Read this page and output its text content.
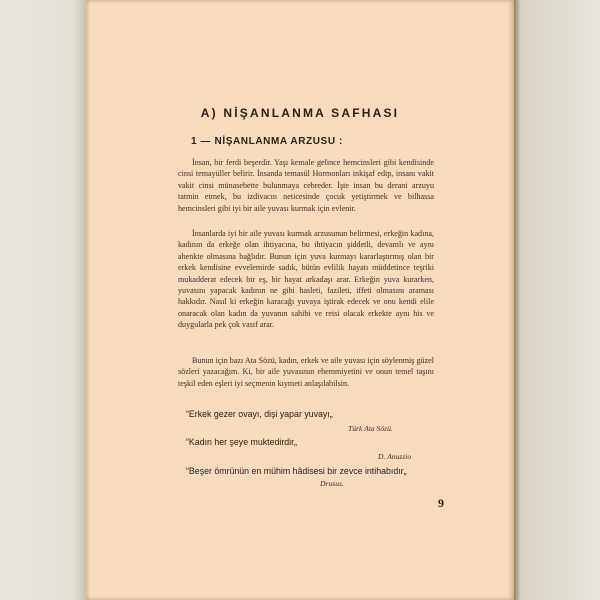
A) NİŞANLANMA SAFHASI
1 — NİŞANLANMA ARZUSU :

İnsan, bir ferdi beşerdir. Yaşı kemale gelince hemcinsleri gibi kendisinde cinsi temayüller belirir. İnsanda temasül Hormonları inkişaf edip, insanı vakit vakit cinsi münasebette bulunmaya cebreder. İşte insan bu derani arzuyu tatmin etmek, bu izdivacın neticesinde çocuk yetiştirmek ve bilhassa hemcinsleri gibi iyi bir aile yuvası kurmak için evlenir.

İnsanlarda iyi bir aile yuvası kurmak arzusunun belirmesi, erkeğin kadına, kadının da erkeğe olan ihtiyacına, bu ihtiyacın şiddetli, devamlı ve aynı ahenkte olmasına bağlıdır. Bunun için yuva kurmayı kararlaştırmış olan bir erkek kendisine evvelemirde sadık, bütün evlilik hayatı müddetince teşriki mukadderat edecek bir eş, bir hayat arkadaşı arar. Erkeğin yuva kurarken, yuvasını yapacak kadının ne gibi hasleti, fazileti, iffeti olmasını araması hakkıdır. Nasıl ki erkeğin karacağı yuvaya iştirak edecek ve onu kendi elile onaracak olan kadın da yuvanın sahibi ve reisi olacak erkekte aynı his ve duygularla pek çok vasıf arar.

Bunun için bazı Ata Sözü, kadın, erkek ve aile yuvası için söylenmiş güzel sözleri yazacağım. Ki, bir aile yuvasının ehemmiyetini ve onun temel taşını teşkil eden eşleri iyi seçmenin kıymeti anlaşılabilsin.

“Erkek gezer ovayı, dişi yapar yuvayı„

Türk Ata Sözü.

“Kadın her şeye muktedirdir„

D. Anuzzio

“Beşer ömrünün en mühim hâdisesi bir zevce intihabıdır„

Drusus.

9
